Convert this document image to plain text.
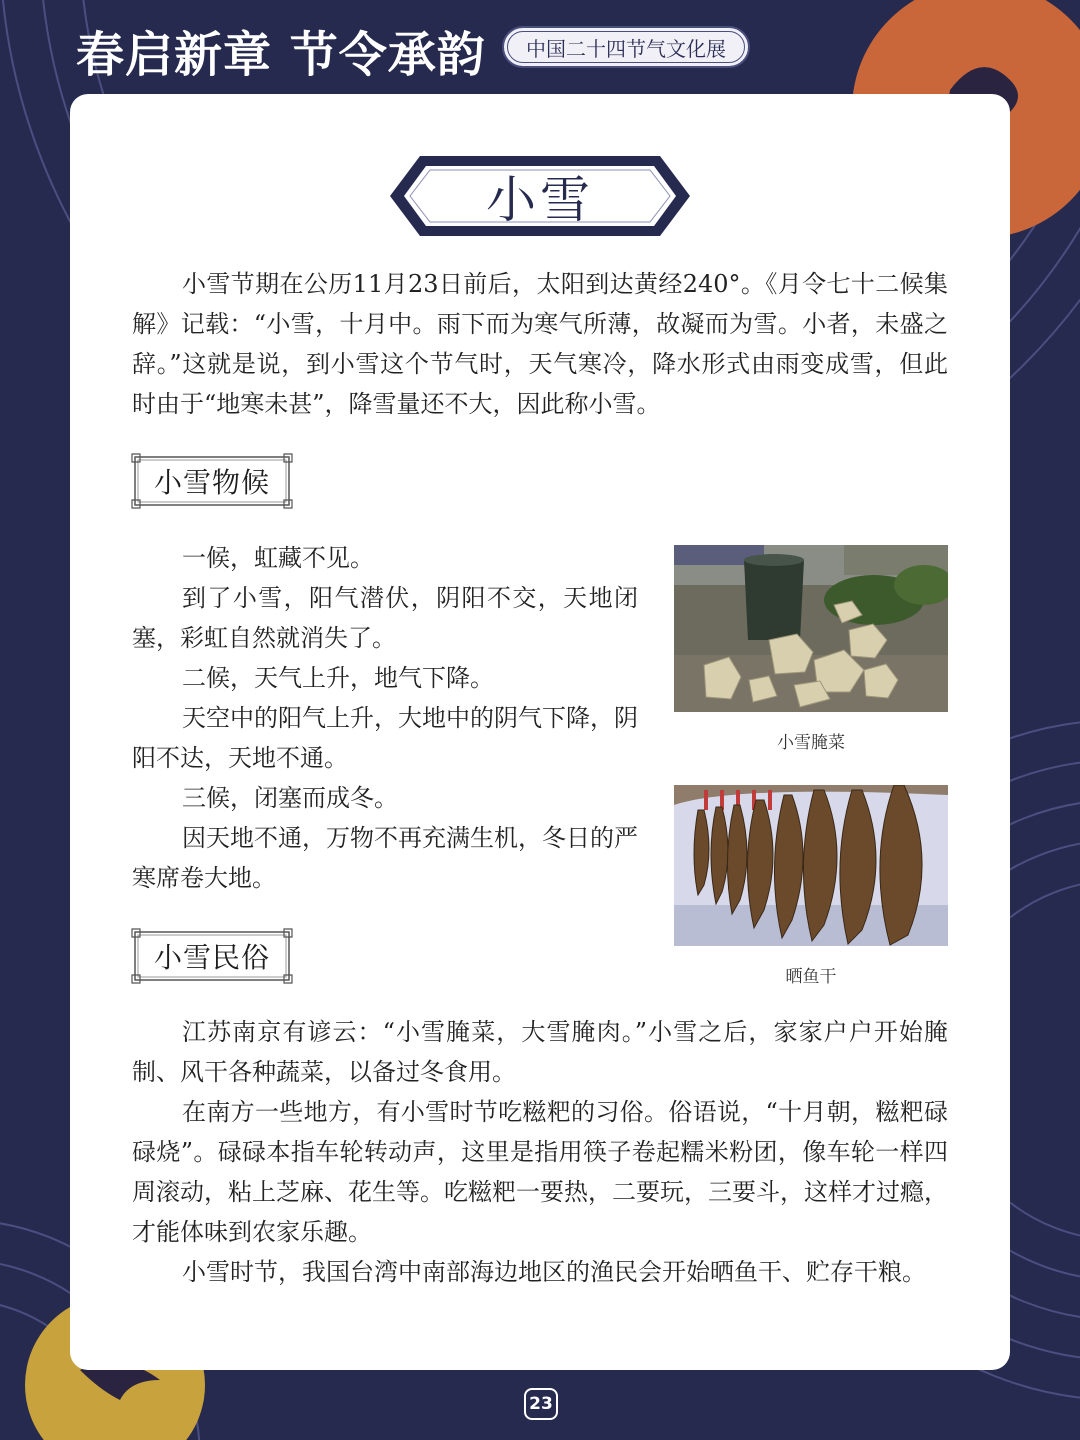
春启新章 节令承韵	中国二十四节气文化展
小雪

小雪节期在公历11月23日前后，太阳到达黄经240°。《月令七十二候集解》记载：“小雪，十月中。雨下而为寒气所薄，故凝而为雪。小者，未盛之辞。”这就是说，到小雪这个节气时，天气寒冷，降水形式由雨变成雪，但此时由于“地寒未甚”，降雪量还不大，因此称小雪。

小雪物候

一候，虹藏不见。

到了小雪，阳气潜伏，阴阳不交，天地闭塞，彩虹自然就消失了。

二候，天气上升，地气下降。

天空中的阳气上升，大地中的阴气下降，阴阳不达，天地不通。

三候，闭塞而成冬。

因天地不通，万物不再充满生机，冬日的严寒席卷大地。

小雪腌菜
晒鱼干
小雪民俗

江苏南京有谚云：“小雪腌菜，大雪腌肉。”小雪之后，家家户户开始腌制、风干各种蔬菜，以备过冬食用。

在南方一些地方，有小雪时节吃糍粑的习俗。俗语说，“十月朝，糍粑碌碌烧”。碌碌本指车轮转动声，这里是指用筷子卷起糯米粉团，像车轮一样四周滚动，粘上芝麻、花生等。吃糍粑一要热，二要玩，三要斗，这样才过瘾，才能体味到农家乐趣。

小雪时节，我国台湾中南部海边地区的渔民会开始晒鱼干、贮存干粮。

23
